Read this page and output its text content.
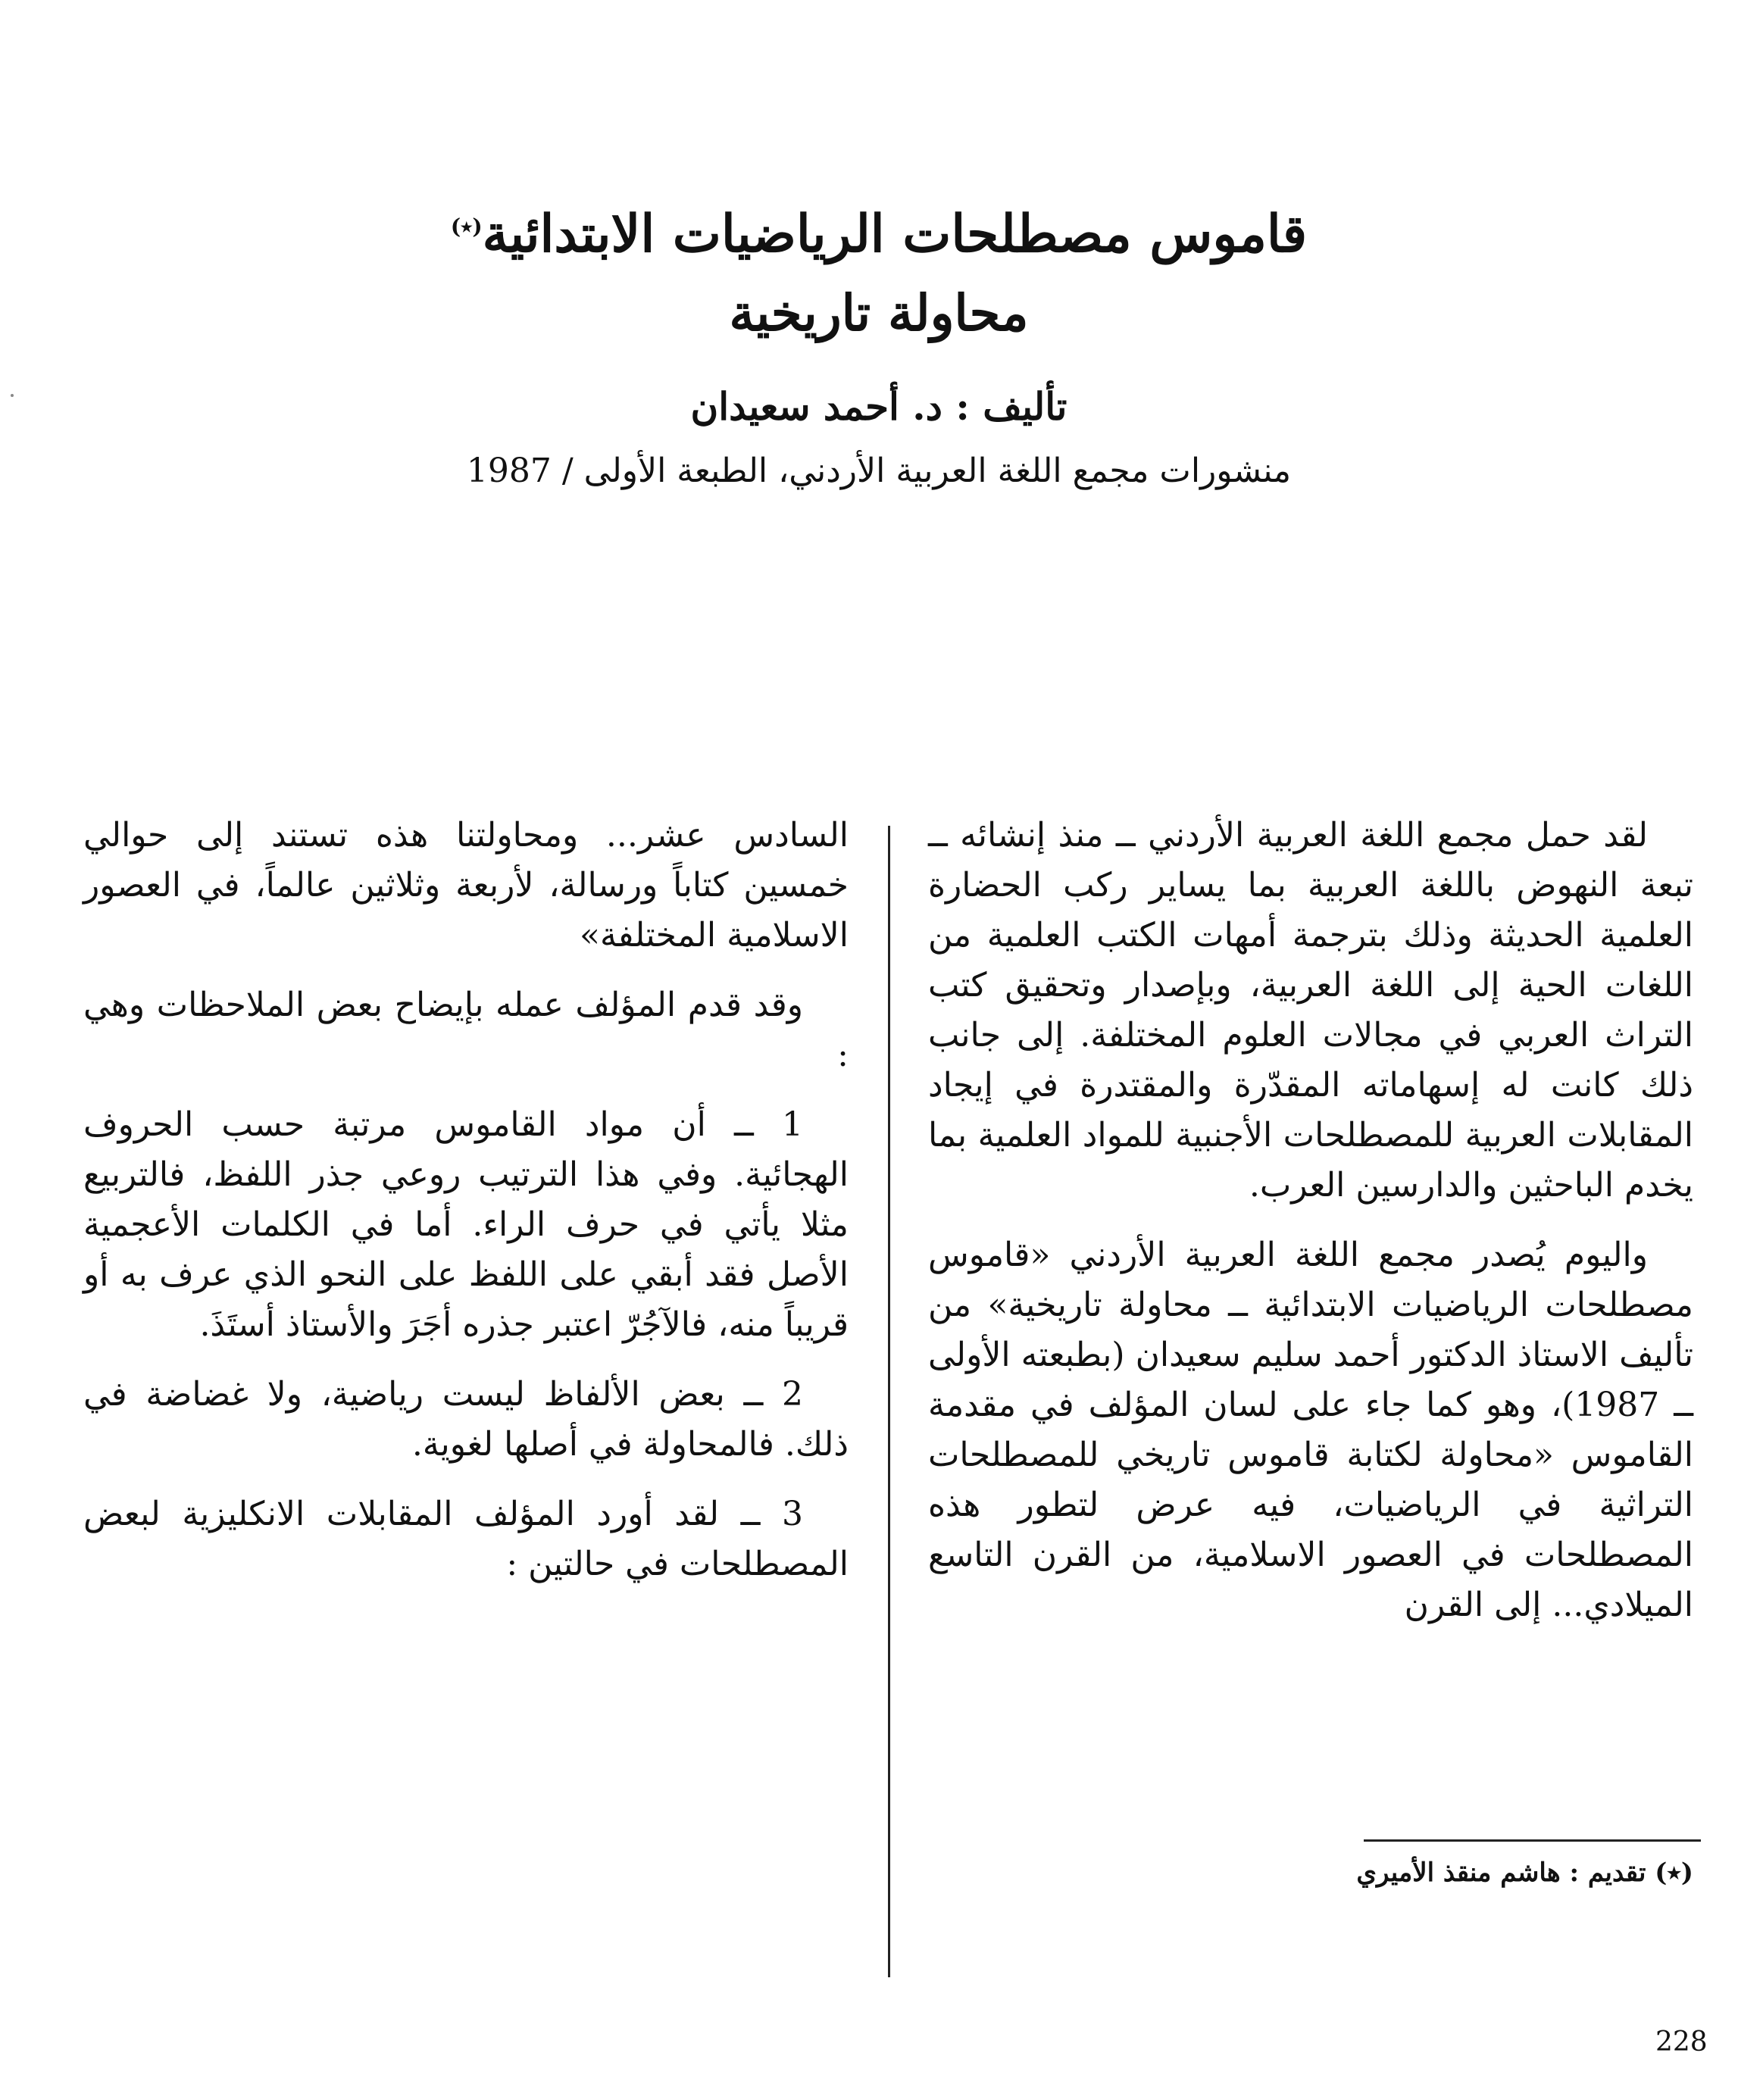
قاموس مصطلحات الرياضيات الابتدائية(٭)
محاولة تاريخية
تأليف : د. أحمد سعيدان
منشورات مجمع اللغة العربية الأردني، الطبعة الأولى / 1987

لقد حمل مجمع اللغة العربية الأردني ــ منذ إنشائه ــ تبعة النهوض باللغة العربية بما يساير ركب الحضارة العلمية الحديثة وذلك بترجمة أمهات الكتب العلمية من اللغات الحية إلى اللغة العربية، وبإصدار وتحقيق كتب التراث العربي في مجالات العلوم المختلفة. إلى جانب ذلك كانت له إسهاماته المقدّرة والمقتدرة في إيجاد المقابلات العربية للمصطلحات الأجنبية للمواد العلمية بما يخدم الباحثين والدارسين العرب.

واليوم يُصدر مجمع اللغة العربية الأردني «قاموس مصطلحات الرياضيات الابتدائية ــ محاولة تاريخية» من تأليف الاستاذ الدكتور أحمد سليم سعيدان (بطبعته الأولى ــ 1987)، وهو كما جاء على لسان المؤلف في مقدمة القاموس «محاولة لكتابة قاموس تاريخي للمصطلحات التراثية في الرياضيات، فيه عرض لتطور هذه المصطلحات في العصور الاسلامية، من القرن التاسع الميلادي... إلى القرن

السادس عشر... ومحاولتنا هذه تستند إلى حوالي خمسين كتاباً ورسالة، لأربعة وثلاثين عالماً، في العصور الاسلامية المختلفة»

وقد قدم المؤلف عمله بإيضاح بعض الملاحظات وهي :

1 ــ أن مواد القاموس مرتبة حسب الحروف الهجائية. وفي هذا الترتيب روعي جذر اللفظ، فالتربيع مثلا يأتي في حرف الراء. أما في الكلمات الأعجمية الأصل فقد أبقي على اللفظ على النحو الذي عرف به أو قريباً منه، فالآجُرّ اعتبر جذره أجَرَ والأستاذ أستَذَ.

2 ــ بعض الألفاظ ليست رياضية، ولا غضاضة في ذلك. فالمحاولة في أصلها لغوية.

3 ــ لقد أورد المؤلف المقابلات الانكليزية لبعض المصطلحات في حالتين :

(٭) تقديم : هاشم منقذ الأميري
228
